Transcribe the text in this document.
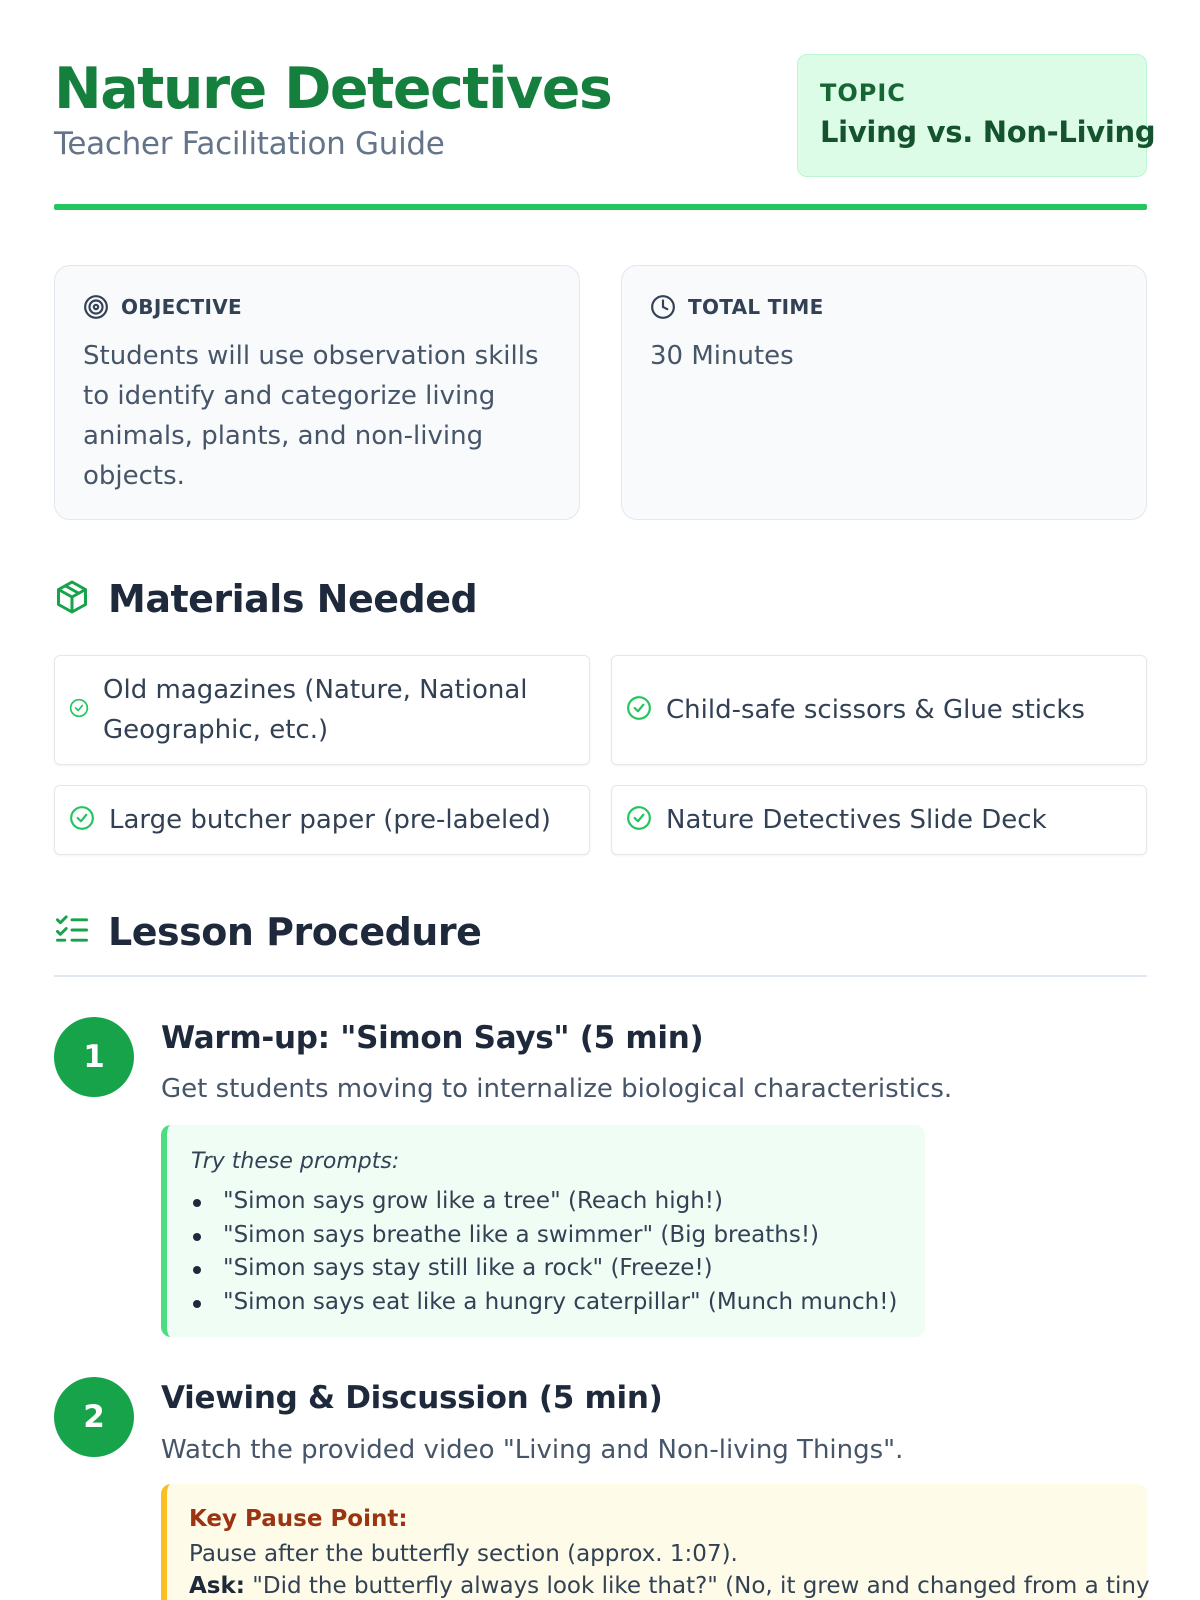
Nature Detectives
Teacher Facilitation Guide
TOPIC
Living vs. Non-Living
OBJECTIVE
Students will use observation skills to identify and categorize living animals, plants, and non-living objects.
TOTAL TIME
30 Minutes
Materials Needed
Old magazines (Nature, National Geographic, etc.)
Child-safe scissors & Glue sticks
Large butcher paper (pre-labeled)	Nature Detectives Slide Deck
Lesson Procedure
1
Warm-up: "Simon Says" (5 min)
Get students moving to internalize biological characteristics.
Try these prompts:
"Simon says grow like a tree" (Reach high!)
"Simon says breathe like a swimmer" (Big breaths!)
"Simon says stay still like a rock" (Freeze!)
"Simon says eat like a hungry caterpillar" (Munch munch!)
2
Viewing & Discussion (5 min)
Watch the provided video "Living and Non-living Things".
Key Pause Point:
Pause after the butterfly section (approx. 1:07).
Ask: "Did the butterfly always look like that?" (No, it grew and changed from a tiny
